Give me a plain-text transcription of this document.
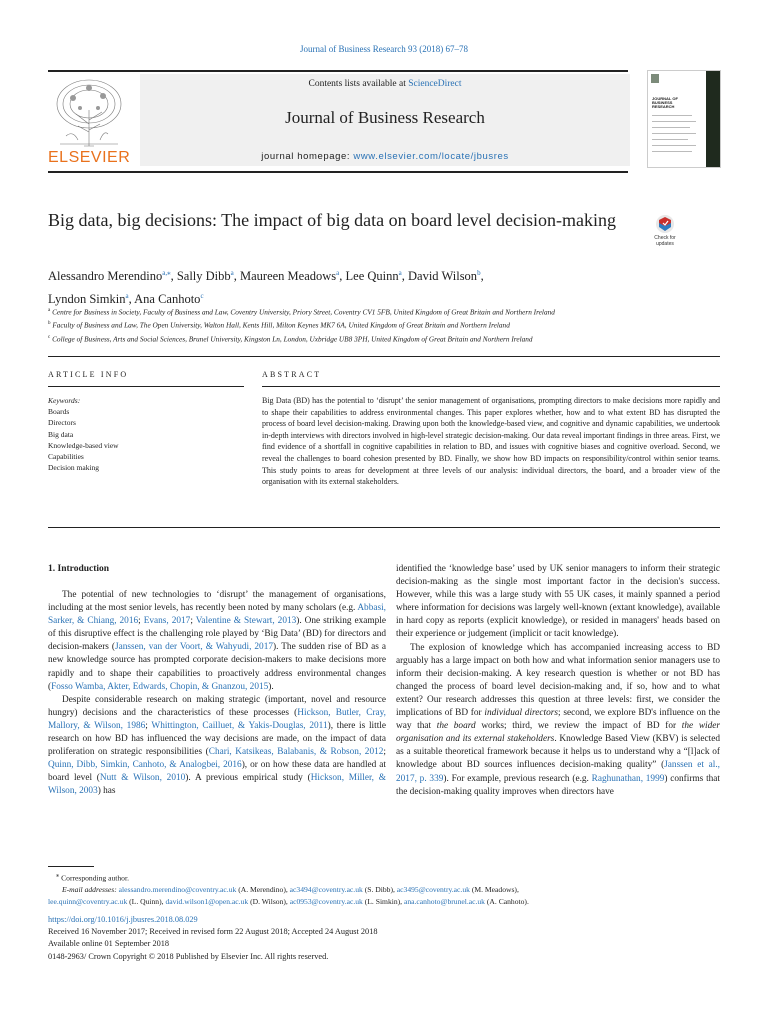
Journal of Business Research 93 (2018) 67–78
ELSEVIER
Contents lists available at ScienceDirect
Journal of Business Research
journal homepage: www.elsevier.com/locate/jbusres
JOURNAL OF
BUSINESS
RESEARCH
Big data, big decisions: The impact of big data on board level decision-making
Check for
updates
Alessandro Merendino$^{a,⁎}$, Sally Dibb$^a$, Maureen Meadows$^a$, Lee Quinn$^a$, David Wilson$^b$,
Lyndon Simkin$^a$, Ana Canhoto$^c$
$^a$ Centre for Business in Society, Faculty of Business and Law, Coventry University, Priory Street, Coventry CV1 5FB, United Kingdom of Great Britain and Northern Ireland
$^b$ Faculty of Business and Law, The Open University, Walton Hall, Kents Hill, Milton Keynes MK7 6A, United Kingdom of Great Britain and Northern Ireland
$^c$ College of Business, Arts and Social Sciences, Brunel University, Kingston Ln, London, Uxbridge UB8 3PH, United Kingdom of Great Britain and Northern Ireland
ARTICLE INFO	ABSTRACT
Keywords:
Boards
Directors
Big data
Knowledge-based view
Capabilities
Decision making
Big Data (BD) has the potential to ‘disrupt’ the senior management of organisations, prompting directors to make decisions more rapidly and to shape their capabilities to address environmental changes. This paper explores whether, how and to what extent BD has disrupted the process of board level decision-making. Drawing upon both the knowledge-based view, and cognitive and dynamic capabilities, we undertook in-depth interviews with directors involved in high-level strategic decision-making. Our data reveal important findings in three areas. First, we find evidence of a shortfall in cognitive capabilities in relation to BD, and issues with cognitive biases and cognitive overload. Second, we reveal the challenges to board cohesion presented by BD. Finally, we show how BD impacts on responsibility/control within senior teams. This study points to areas for development at three levels of our analysis: individual directors, the board, and a broader view of the organisation with its external stakeholders.
1. Introduction

The potential of new technologies to ‘disrupt’ the management of organisations, including at the most senior levels, has recently been noted by many scholars (e.g. Abbasi, Sarker, & Chiang, 2016; Evans, 2017; Valentine & Stewart, 2013). One striking example of this disruptive effect is the challenging role played by ‘Big Data’ (BD) for directors and decision-makers (Janssen, van der Voort, & Wahyudi, 2017). The sudden rise of BD as a new knowledge source has prompted corporate decision-makers to make decisions more rapidly and to shape their capabilities to proactively address environmental changes (Fosso Wamba, Akter, Edwards, Chopin, & Gnanzou, 2015).

Despite considerable research on making strategic (important, novel and resource hungry) decisions and the characteristics of these processes (Hickson, Butler, Cray, Mallory, & Wilson, 1986; Whittington, Cailluet, & Yakis-Douglas, 2011), there is little research on how BD has influenced the way decisions are made, on the impact of data proliferation on strategic responsibilities (Chari, Katsikeas, Balabanis, & Robson, 2012; Quinn, Dibb, Simkin, Canhoto, & Analogbei, 2016), or on how these data are handled at board level (Nutt & Wilson, 2010). A previous empirical study (Hickson, Miller, & Wilson, 2003) has

identified the ‘knowledge base’ used by UK senior managers to inform their strategic decision-making as the single most important factor in the decision's success. However, while this was a large study with 55 UK cases, it mainly spanned a period where information for decisions was largely well-known (extant knowledge), available in hard copy as reports (explicit knowledge), or resided in managers' heads based on their experience or judgement (implicit or tacit knowledge).

The explosion of knowledge which has accompanied increasing access to BD arguably has a large impact on both how and what information senior managers use to inform their decision-making. A key research question is whether or not BD has changed the process of board level decision-making and, if so, how and to what extent? Our research addresses this question at three levels: first, we consider the implications of BD for individual directors; second, we explore BD's influence on the way that the board works; third, we review the impact of BD for the wider organisation and its external stakeholders. Knowledge Based View (KBV) is selected as a suitable theoretical framework because it helps us to understand why a “[l]ack of knowledge about BD sources influences decision-making quality” (Janssen et al., 2017, p. 339). For example, previous research (e.g. Raghunathan, 1999) confirms that the decision-making quality improves when directors have

⁎ Corresponding author.
E-mail addresses: alessandro.merendino@coventry.ac.uk (A. Merendino), ac3494@coventry.ac.uk (S. Dibb), ac3495@coventry.ac.uk (M. Meadows),
lee.quinn@coventry.ac.uk (L. Quinn), david.wilson1@open.ac.uk (D. Wilson), ac0953@coventry.ac.uk (L. Simkin), ana.canhoto@brunel.ac.uk (A. Canhoto).
https://doi.org/10.1016/j.jbusres.2018.08.029
Received 16 November 2017; Received in revised form 22 August 2018; Accepted 24 August 2018
Available online 01 September 2018
0148-2963/ Crown Copyright © 2018 Published by Elsevier Inc. All rights reserved.
